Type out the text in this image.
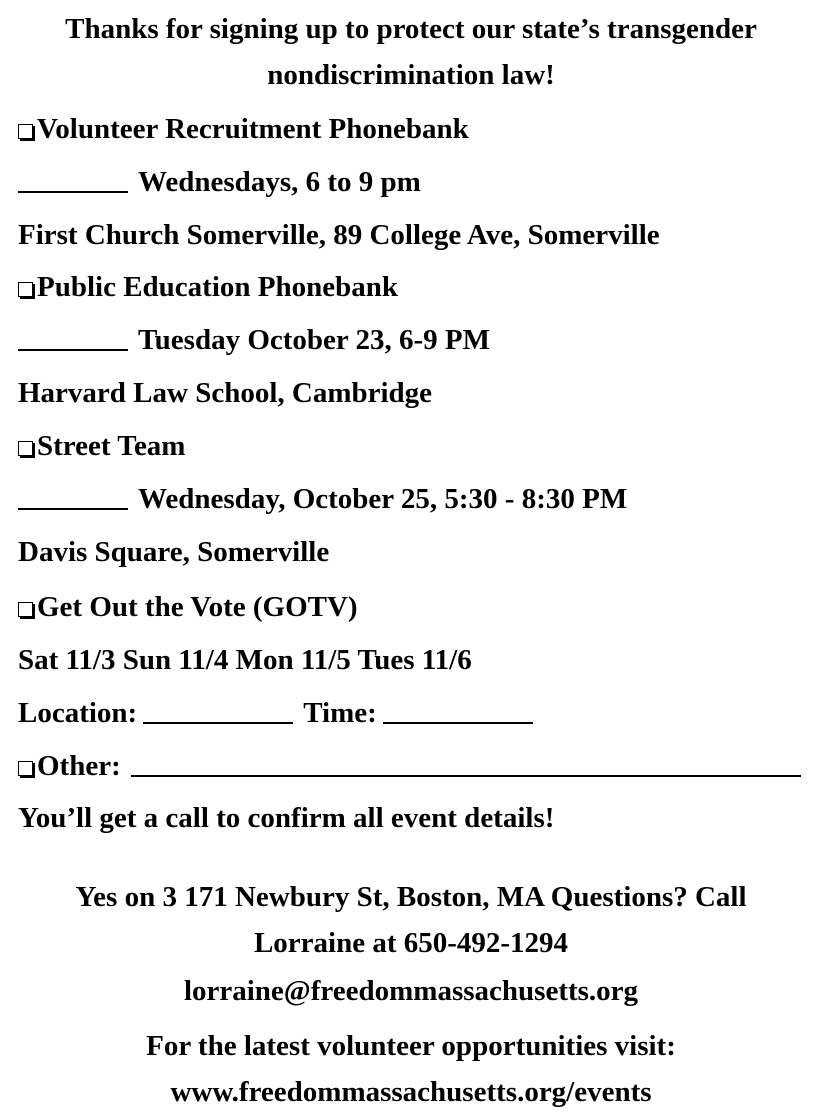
Thanks for signing up to protect our state’s transgender
nondiscrimination law!
Volunteer Recruitment Phonebank
Wednesdays, 6 to 9 pm
First Church Somerville, 89 College Ave, Somerville
Public Education Phonebank
Tuesday October 23, 6-9 PM
Harvard Law School, Cambridge
Street Team
Wednesday, October 25, 5:30 - 8:30 PM
Davis Square, Somerville
Get Out the Vote (GOTV)
Sat 11/3 Sun 11/4 Mon 11/5 Tues 11/6
Location:	Time:
Other:
You’ll get a call to confirm all event details!
Yes on 3 171 Newbury St, Boston, MA Questions? Call
Lorraine at 650-492-1294
lorraine@freedommassachusetts.org
For the latest volunteer opportunities visit:
www.freedommassachusetts.org/events
